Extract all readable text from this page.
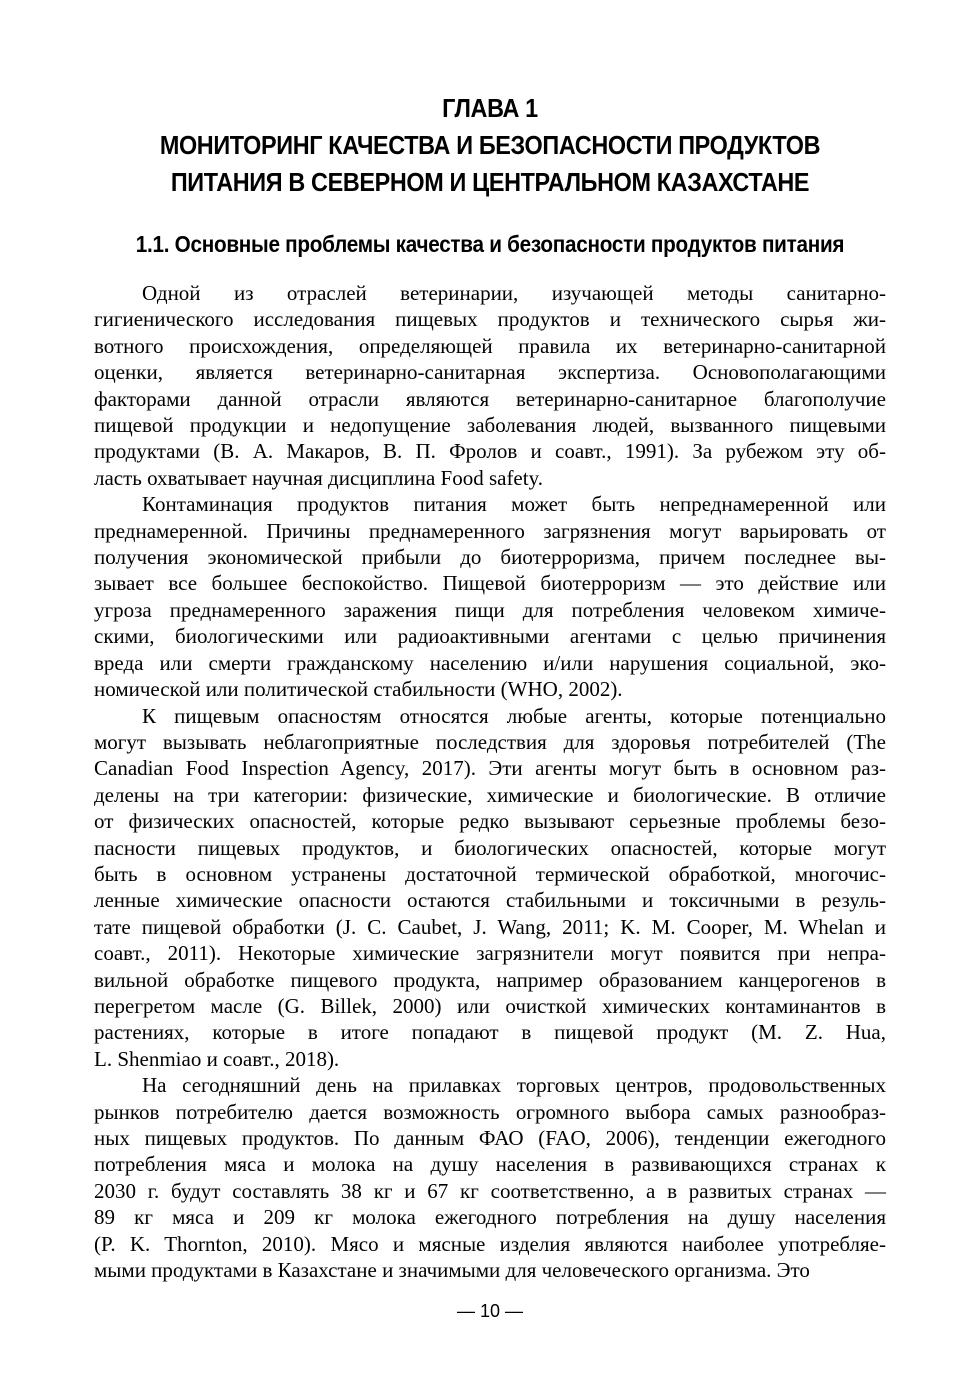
ГЛАВА 1
МОНИТОРИНГ КАЧЕСТВА И БЕЗОПАСНОСТИ ПРОДУКТОВ
ПИТАНИЯ В СЕВЕРНОМ И ЦЕНТРАЛЬНОМ КАЗАХСТАНЕ
1.1. Основные проблемы качества и безопасности продуктов питания
Одной из отраслей ветеринарии, изучающей методы санитарно-
гигиенического исследования пищевых продуктов и технического сырья жи-
вотного происхождения, определяющей правила их ветеринарно-санитарной
оценки, является ветеринарно-санитарная экспертиза. Основополагающими
факторами данной отрасли являются ветеринарно-санитарное благополучие
пищевой продукции и недопущение заболевания людей, вызванного пищевыми
продуктами (В. А. Макаров, В. П. Фролов и соавт., 1991). За рубежом эту об-
ласть охватывает научная дисциплина Food safety.
Контаминация продуктов питания может быть непреднамеренной или
преднамеренной. Причины преднамеренного загрязнения могут варьировать от
получения экономической прибыли до биотерроризма, причем последнее вы-
зывает все большее беспокойство. Пищевой биотерроризм — это действие или
угроза преднамеренного заражения пищи для потребления человеком химиче-
скими, биологическими или радиоактивными агентами с целью причинения
вреда или смерти гражданскому населению и/или нарушения социальной, эко-
номической или политической стабильности (WHO, 2002).
К пищевым опасностям относятся любые агенты, которые потенциально
могут вызывать неблагоприятные последствия для здоровья потребителей (The
Canadian Food Inspection Agency, 2017). Эти агенты могут быть в основном раз-
делены на три категории: физические, химические и биологические. В отличие
от физических опасностей, которые редко вызывают серьезные проблемы безо-
пасности пищевых продуктов, и биологических опасностей, которые могут
быть в основном устранены достаточной термической обработкой, многочис-
ленные химические опасности остаются стабильными и токсичными в резуль-
тате пищевой обработки (J. C. Caubet, J. Wang, 2011; K. M. Cooper, M. Whelan и
соавт., 2011). Некоторые химические загрязнители могут появится при непра-
вильной обработке пищевого продукта, например образованием канцерогенов в
перегретом масле (G. Billek, 2000) или очисткой химических контаминантов в
растениях, которые в итоге попадают в пищевой продукт (M. Z. Hua,
L. Shenmiao и соавт., 2018).
На сегодняшний день на прилавках торговых центров, продовольственных
рынков потребителю дается возможность огромного выбора самых разнообраз-
ных пищевых продуктов. По данным ФАО (FAO, 2006), тенденции ежегодного
потребления мяса и молока на душу населения в развивающихся странах к
2030 г. будут составлять 38 кг и 67 кг соответственно, а в развитых странах —
89 кг мяса и 209 кг молока ежегодного потребления на душу населения
(P. K. Thornton, 2010). Мясо и мясные изделия являются наиболее употребляе-
мыми продуктами в Казахстане и значимыми для человеческого организма. Это
— 10 —
